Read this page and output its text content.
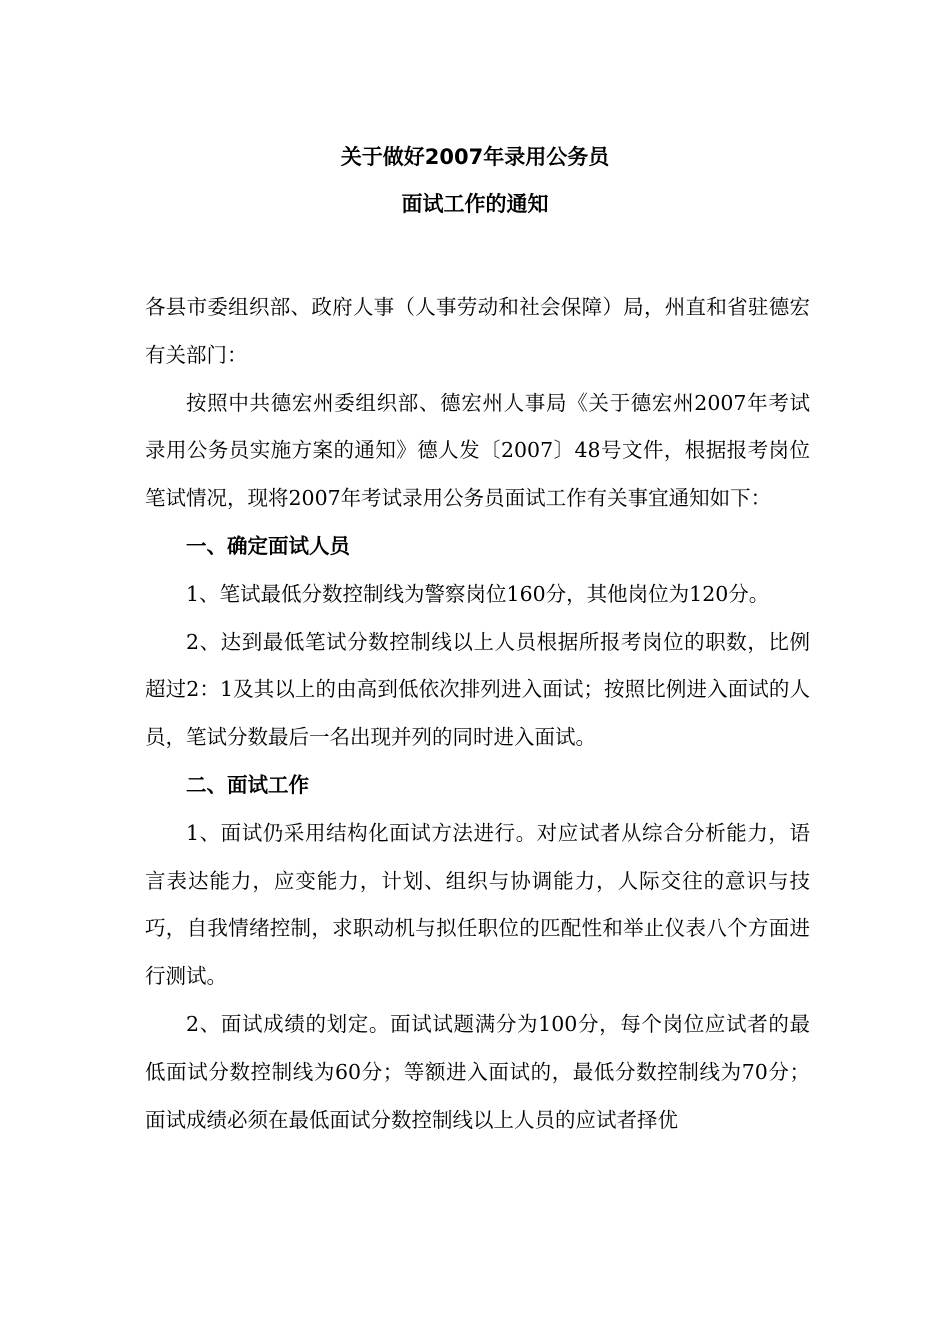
关于做好2007年录用公务员
面试工作的通知

各县市委组织部、政府人事（人事劳动和社会保障）局，州直和省驻德宏有关部门：

按照中共德宏州委组织部、德宏州人事局《关于德宏州2007年考试录用公务员实施方案的通知》德人发〔2007〕48号文件，根据报考岗位笔试情况，现将2007年考试录用公务员面试工作有关事宜通知如下：

一、确定面试人员

1、笔试最低分数控制线为警察岗位160分，其他岗位为120分。

2、达到最低笔试分数控制线以上人员根据所报考岗位的职数，比例超过2：1及其以上的由高到低依次排列进入面试；按照比例进入面试的人员，笔试分数最后一名出现并列的同时进入面试。

二、面试工作

1、面试仍采用结构化面试方法进行。对应试者从综合分析能力，语言表达能力，应变能力，计划、组织与协调能力，人际交往的意识与技巧，自我情绪控制，求职动机与拟任职位的匹配性和举止仪表八个方面进行测试。

2、面试成绩的划定。面试试题满分为100分，每个岗位应试者的最低面试分数控制线为60分；等额进入面试的，最低分数控制线为70分；面试成绩必须在最低面试分数控制线以上人员的应试者择优
